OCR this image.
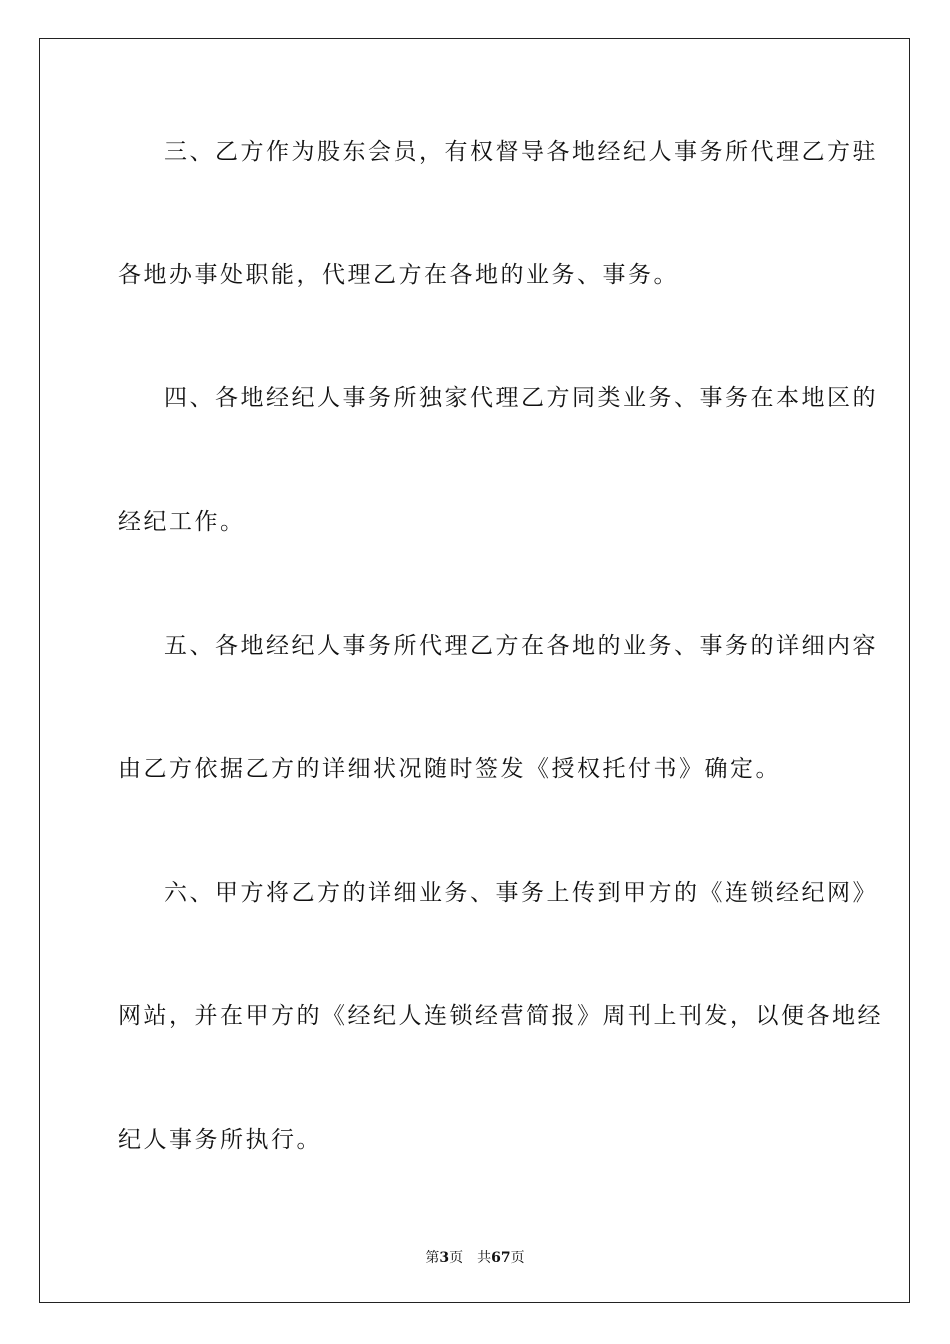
三、乙方作为股东会员，有权督导各地经纪人事务所代理乙方驻
各地办事处职能，代理乙方在各地的业务、事务。
四、各地经纪人事务所独家代理乙方同类业务、事务在本地区的
经纪工作。
五、各地经纪人事务所代理乙方在各地的业务、事务的详细内容
由乙方依据乙方的详细状况随时签发《授权托付书》确定。
六、甲方将乙方的详细业务、事务上传到甲方的《连锁经纪网》
网站，并在甲方的《经纪人连锁经营简报》周刊上刊发，以便各地经
纪人事务所执行。
第3页 共67页
